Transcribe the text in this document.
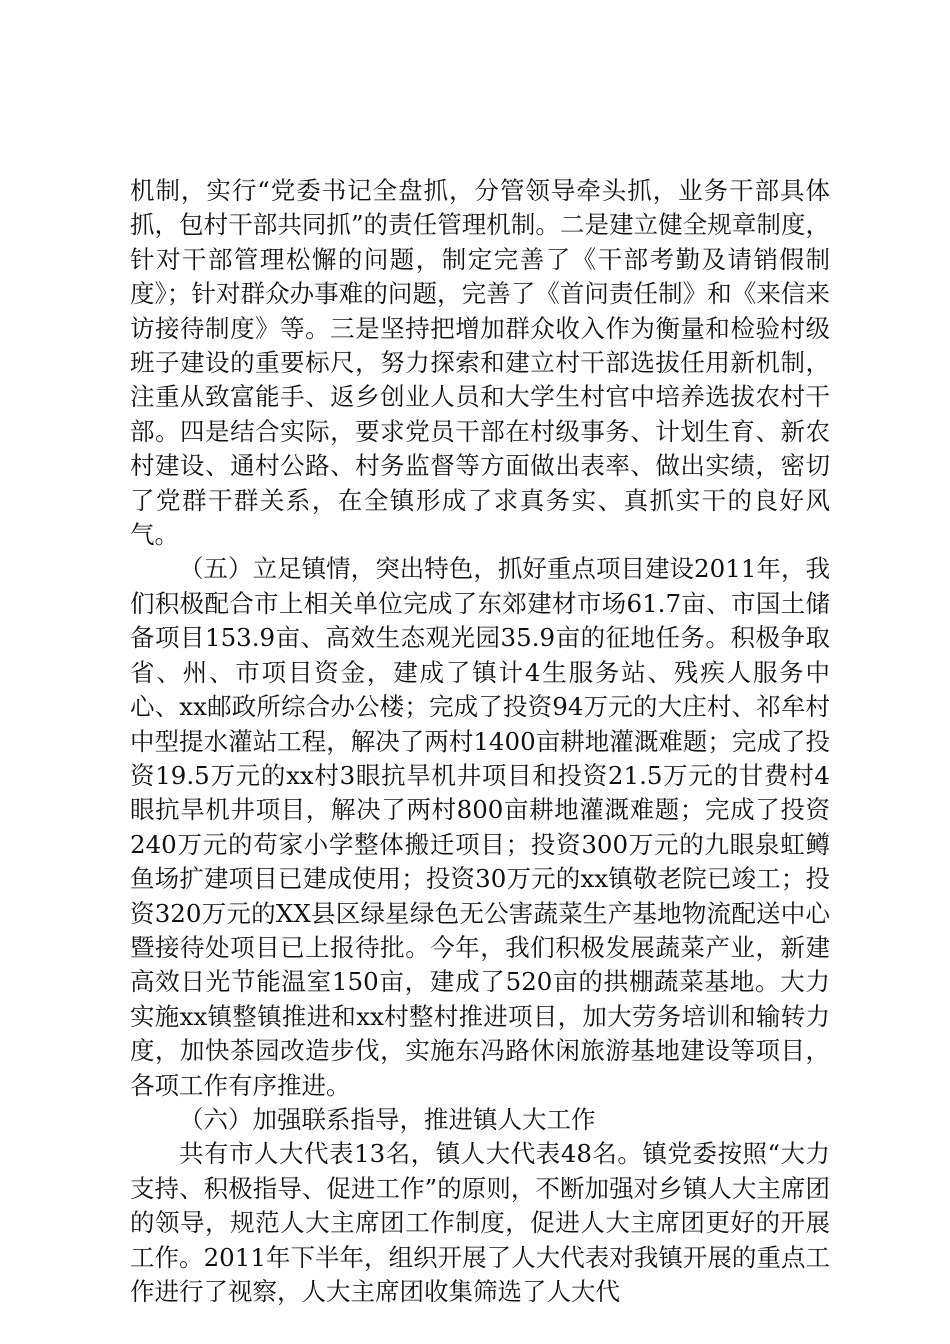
机制，实行“党委书记全盘抓，分管领导牵头抓，业务干部具体抓，包村干部共同抓”的责任管理机制。二是建立健全规章制度，针对干部管理松懈的问题，制定完善了《干部考勤及请销假制度》；针对群众办事难的问题，完善了《首问责任制》和《来信来访接待制度》等。三是坚持把增加群众收入作为衡量和检验村级班子建设的重要标尺，努力探索和建立村干部选拔任用新机制，注重从致富能手、返乡创业人员和大学生村官中培养选拔农村干部。四是结合实际，要求党员干部在村级事务、计划生育、新农村建设、通村公路、村务监督等方面做出表率、做出实绩，密切了党群干群关系，在全镇形成了求真务实、真抓实干的良好风气。

（五）立足镇情，突出特色，抓好重点项目建设2011年，我们积极配合市上相关单位完成了东郊建材市场61.7亩、市国土储备项目153.9亩、高效生态观光园35.9亩的征地任务。积极争取省、州、市项目资金，建成了镇计4生服务站、残疾人服务中心、xx邮政所综合办公楼；完成了投资94万元的大庄村、祁牟村中型提水灌站工程，解决了两村1400亩耕地灌溉难题；完成了投资19.5万元的xx村3眼抗旱机井项目和投资21.5万元的甘费村4眼抗旱机井项目，解决了两村800亩耕地灌溉难题；完成了投资240万元的苟家小学整体搬迁项目；投资300万元的九眼泉虹鳟鱼场扩建项目已建成使用；投资30万元的xx镇敬老院已竣工；投资320万元的XX县区绿星绿色无公害蔬菜生产基地物流配送中心暨接待处项目已上报待批。今年，我们积极发展蔬菜产业，新建高效日光节能温室150亩，建成了520亩的拱棚蔬菜基地。大力实施xx镇整镇推进和xx村整村推进项目，加大劳务培训和输转力度，加快茶园改造步伐，实施东冯路休闲旅游基地建设等项目，各项工作有序推进。

（六）加强联系指导，推进镇人大工作

共有市人大代表13名，镇人大代表48名。镇党委按照“大力支持、积极指导、促进工作”的原则，不断加强对乡镇人大主席团的领导，规范人大主席团工作制度，促进人大主席团更好的开展工作。2011年下半年，组织开展了人大代表对我镇开展的重点工作进行了视察，人大主席团收集筛选了人大代
